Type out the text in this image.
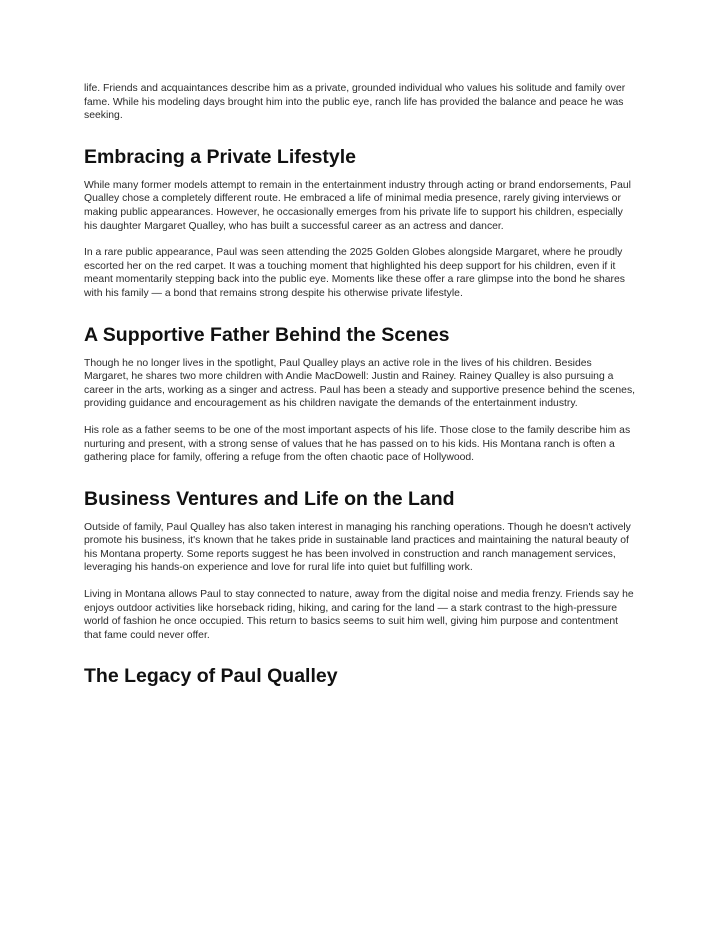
life. Friends and acquaintances describe him as a private, grounded individual who values his solitude and family over fame. While his modeling days brought him into the public eye, ranch life has provided the balance and peace he was seeking.

Embracing a Private Lifestyle

While many former models attempt to remain in the entertainment industry through acting or brand endorsements, Paul Qualley chose a completely different route. He embraced a life of minimal media presence, rarely giving interviews or making public appearances. However, he occasionally emerges from his private life to support his children, especially his daughter Margaret Qualley, who has built a successful career as an actress and dancer.

In a rare public appearance, Paul was seen attending the 2025 Golden Globes alongside Margaret, where he proudly escorted her on the red carpet. It was a touching moment that highlighted his deep support for his children, even if it meant momentarily stepping back into the public eye. Moments like these offer a rare glimpse into the bond he shares with his family — a bond that remains strong despite his otherwise private lifestyle.

A Supportive Father Behind the Scenes

Though he no longer lives in the spotlight, Paul Qualley plays an active role in the lives of his children. Besides Margaret, he shares two more children with Andie MacDowell: Justin and Rainey. Rainey Qualley is also pursuing a career in the arts, working as a singer and actress. Paul has been a steady and supportive presence behind the scenes, providing guidance and encouragement as his children navigate the demands of the entertainment industry.

His role as a father seems to be one of the most important aspects of his life. Those close to the family describe him as nurturing and present, with a strong sense of values that he has passed on to his kids. His Montana ranch is often a gathering place for family, offering a refuge from the often chaotic pace of Hollywood.

Business Ventures and Life on the Land

Outside of family, Paul Qualley has also taken interest in managing his ranching operations. Though he doesn't actively promote his business, it's known that he takes pride in sustainable land practices and maintaining the natural beauty of his Montana property. Some reports suggest he has been involved in construction and ranch management services, leveraging his hands-on experience and love for rural life into quiet but fulfilling work.

Living in Montana allows Paul to stay connected to nature, away from the digital noise and media frenzy. Friends say he enjoys outdoor activities like horseback riding, hiking, and caring for the land — a stark contrast to the high-pressure world of fashion he once occupied. This return to basics seems to suit him well, giving him purpose and contentment that fame could never offer.

The Legacy of Paul Qualley
